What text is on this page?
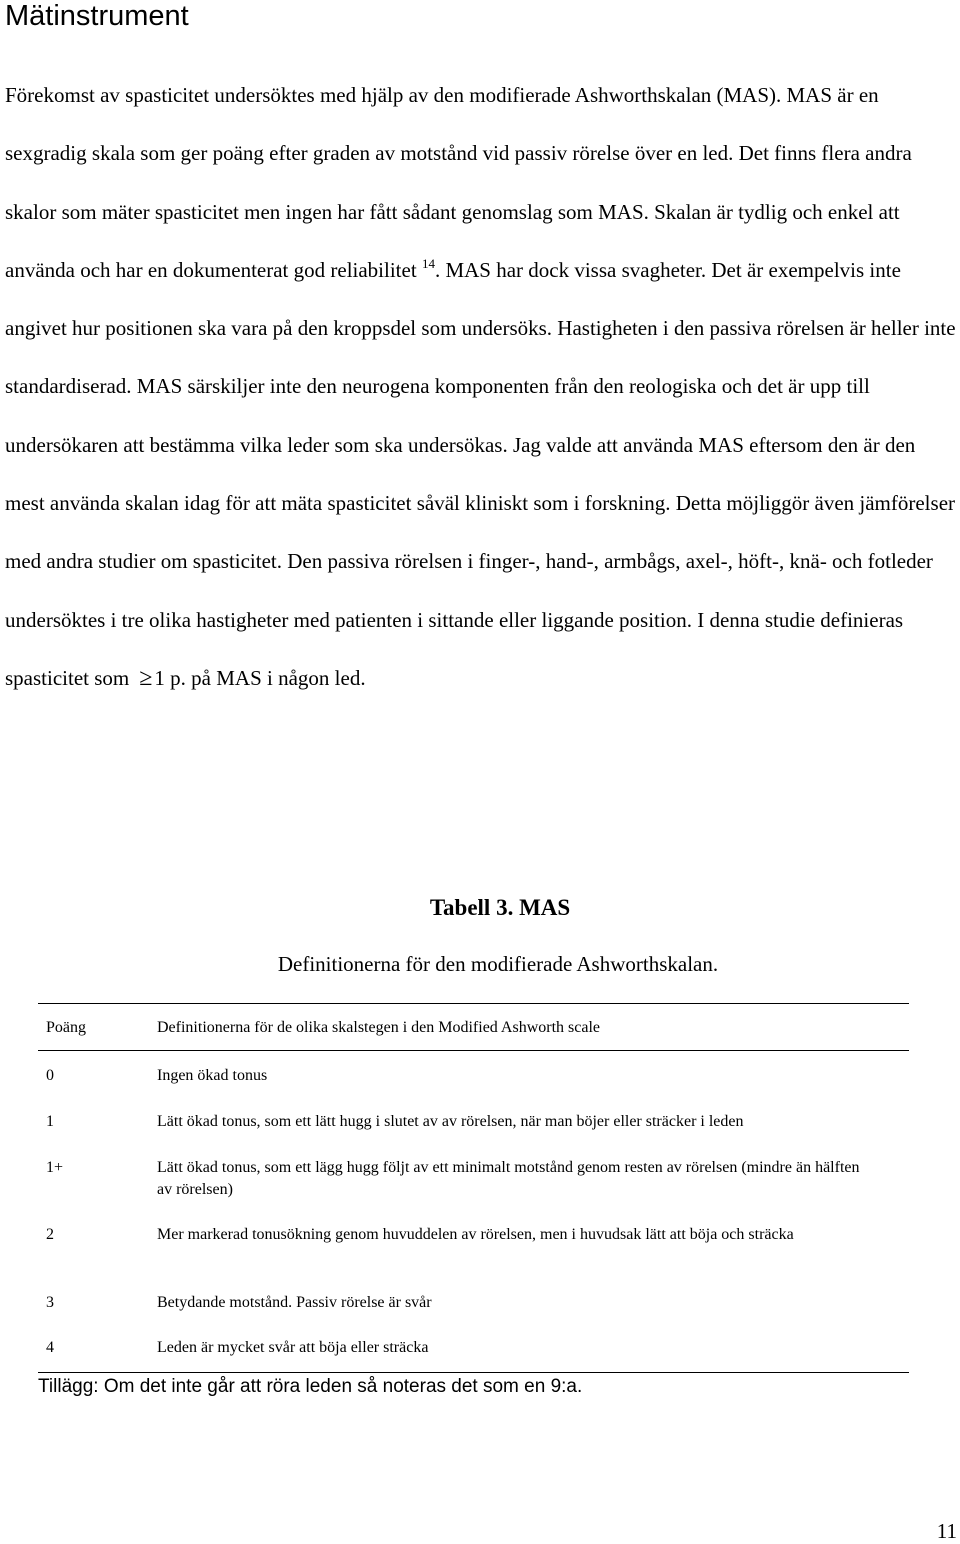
Mätinstrument

Förekomst av spasticitet undersöktes med hjälp av den modifierade Ashworthskalan (MAS). MAS är en sexgradig skala som ger poäng efter graden av motstånd vid passiv rörelse över en led. Det finns flera andra skalor som mäter spasticitet men ingen har fått sådant genomslag som MAS. Skalan är tydlig och enkel att använda och har en dokumenterat god reliabilitet $^{14}$. MAS har dock vissa svagheter. Det är exempelvis inte angivet hur positionen ska vara på den kroppsdel som undersöks. Hastigheten i den passiva rörelsen är heller inte standardiserad. MAS särskiljer inte den neurogena komponenten från den reologiska och det är upp till undersökaren att bestämma vilka leder som ska undersökas. Jag valde att använda MAS eftersom den är den mest använda skalan idag för att mäta spasticitet såväl kliniskt som i forskning. Detta möjliggör även jämförelser med andra studier om spasticitet. Den passiva rörelsen i finger-, hand-, armbågs, axel-, höft-, knä- och fotleder undersöktes i tre olika hastigheter med patienten i sittande eller liggande position. I denna studie definieras spasticitet som ≥1 p. på MAS i någon led.

Tabell 3. MAS
Definitionerna för den modifierade Ashworthskalan.
Poäng	Definitionerna för de olika skalstegen i den Modified Ashworth scale
0	Ingen ökad tonus
1	Lätt ökad tonus, som ett lätt hugg i slutet av av rörelsen, när man böjer eller sträcker i leden
1+	Lätt ökad tonus, som ett lägg hugg följt av ett minimalt motstånd genom resten av rörelsen (mindre än hälften av rörelsen)
2	Mer markerad tonusökning genom huvuddelen av rörelsen, men i huvudsak lätt att böja och sträcka
3	Betydande motstånd. Passiv rörelse är svår
4	Leden är mycket svår att böja eller sträcka
Tillägg: Om det inte går att röra leden så noteras det som en 9:a.
11
